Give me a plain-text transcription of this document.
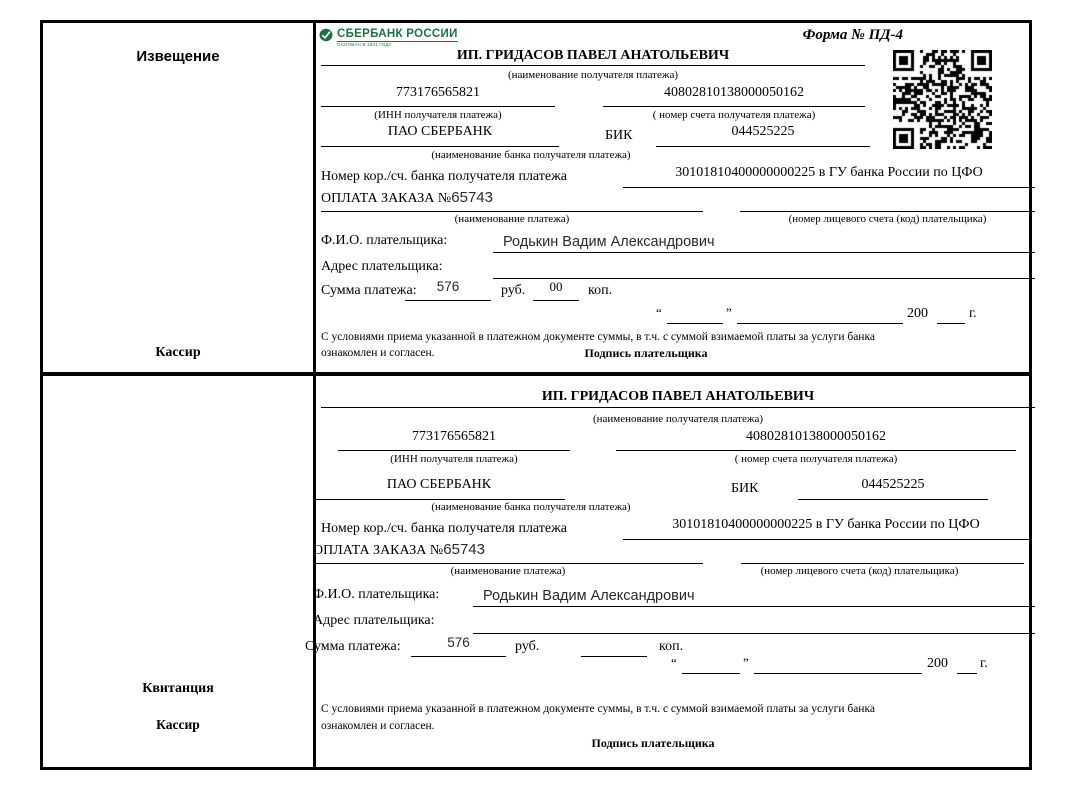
Извещение
Кассир
СБЕРБАНК РОССИИ
ОСНОВАН В 1841 ГОДУ
Форма № ПД-4
ИП. ГРИДАСОВ ПАВЕЛ АНАТОЛЬЕВИЧ
(наименование получателя платежа)
773176565821	40802810138000050162
(ИНН получателя платежа)	( номер счета получателя платежа)
ПАО СБЕРБАНК	БИК	044525225
(наименование банка получателя платежа)
Номер кор./сч. банка получателя платежа	30101810400000000225 в ГУ банка России по ЦФО
ОПЛАТА ЗАКАЗА №65743
(наименование платежа)	(номер лицевого счета (код) плательщика)
Ф.И.О. плательщика:	Родькин Вадим Александрович
Адрес плательщика:
Сумма платежа:	576	руб.	00	коп.
“	”	200	г.
С условиями приема указанной в платежном документе суммы, в т.ч. с суммой взимаемой платы за услуги банка
ознакомлен и согласен.	Подпись плательщика
Квитанция
Кассир
ИП. ГРИДАСОВ ПАВЕЛ АНАТОЛЬЕВИЧ
(наименование получателя платежа)
773176565821	40802810138000050162
(ИНН получателя платежа)	( номер счета получателя платежа)
ПАО СБЕРБАНК	БИК	044525225
(наименование банка получателя платежа)
Номер кор./сч. банка получателя платежа	30101810400000000225 в ГУ банка России по ЦФО
ОПЛАТА ЗАКАЗА №65743
(наименование платежа)	(номер лицевого счета (код) плательщика)
Ф.И.О. плательщика:	Родькин Вадим Александрович
Адрес плательщика:
Сумма платежа:	576	руб.	коп.
“	”	200 г.
С условиями приема указанной в платежном документе суммы, в т.ч. с суммой взимаемой платы за услуги банка
ознакомлен и согласен.
Подпись плательщика
